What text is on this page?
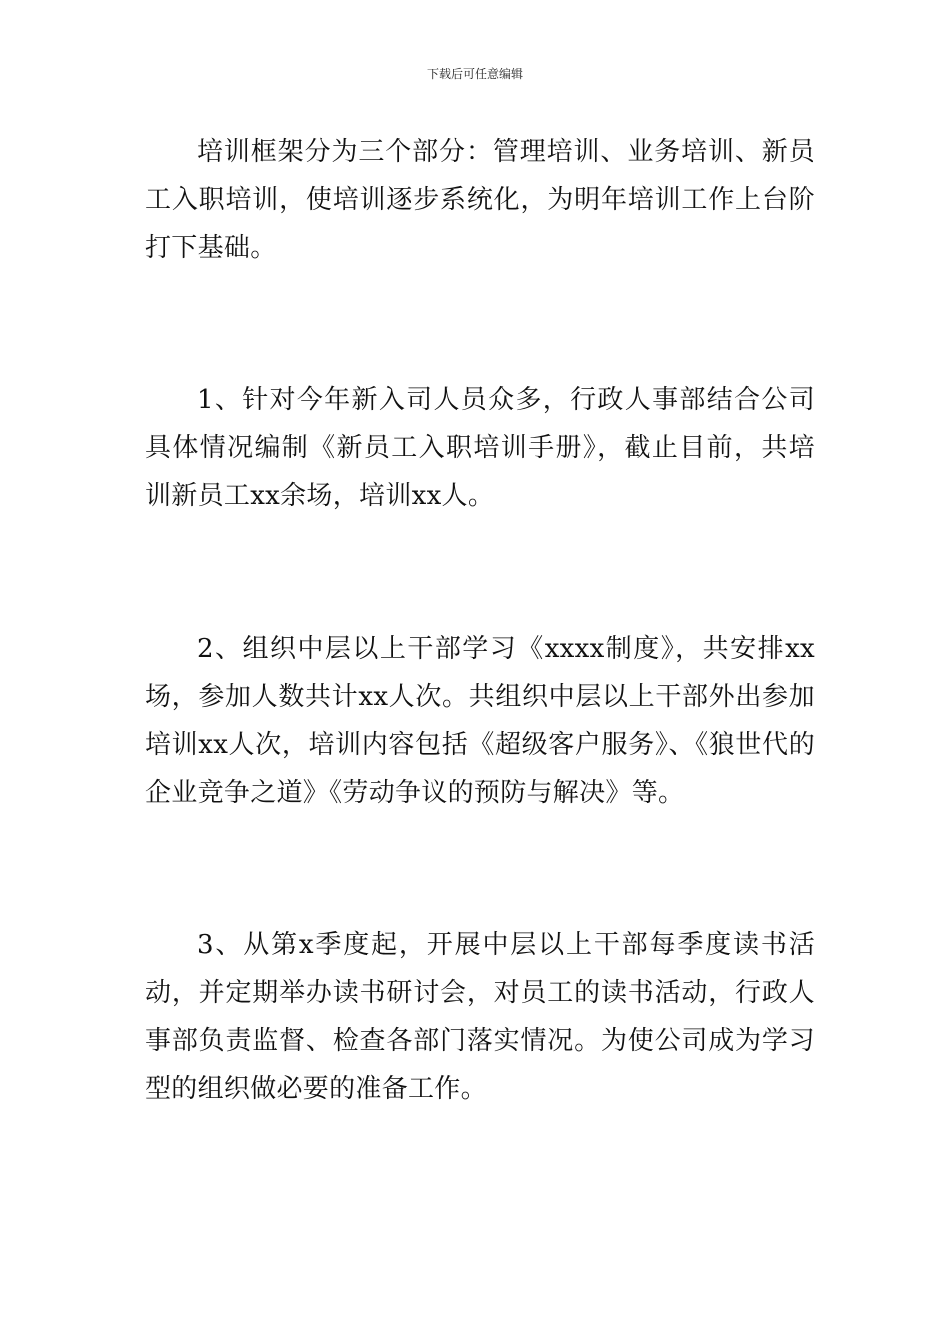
下载后可任意编辑

培训框架分为三个部分：管理培训、业务培训、新员工入职培训，使培训逐步系统化，为明年培训工作上台阶打下基础。

1、针对今年新入司人员众多，行政人事部结合公司具体情况编制《新员工入职培训手册》，截止目前，共培训新员工xx余场，培训xx人。

2、组织中层以上干部学习《xxxx制度》，共安排xx场，参加人数共计xx人次。共组织中层以上干部外出参加培训xx人次，培训内容包括《超级客户服务》、《狼世代的企业竞争之道》《劳动争议的预防与解决》等。

3、从第x季度起，开展中层以上干部每季度读书活动，并定期举办读书研讨会，对员工的读书活动，行政人事部负责监督、检查各部门落实情况。为使公司成为学习型的组织做必要的准备工作。
